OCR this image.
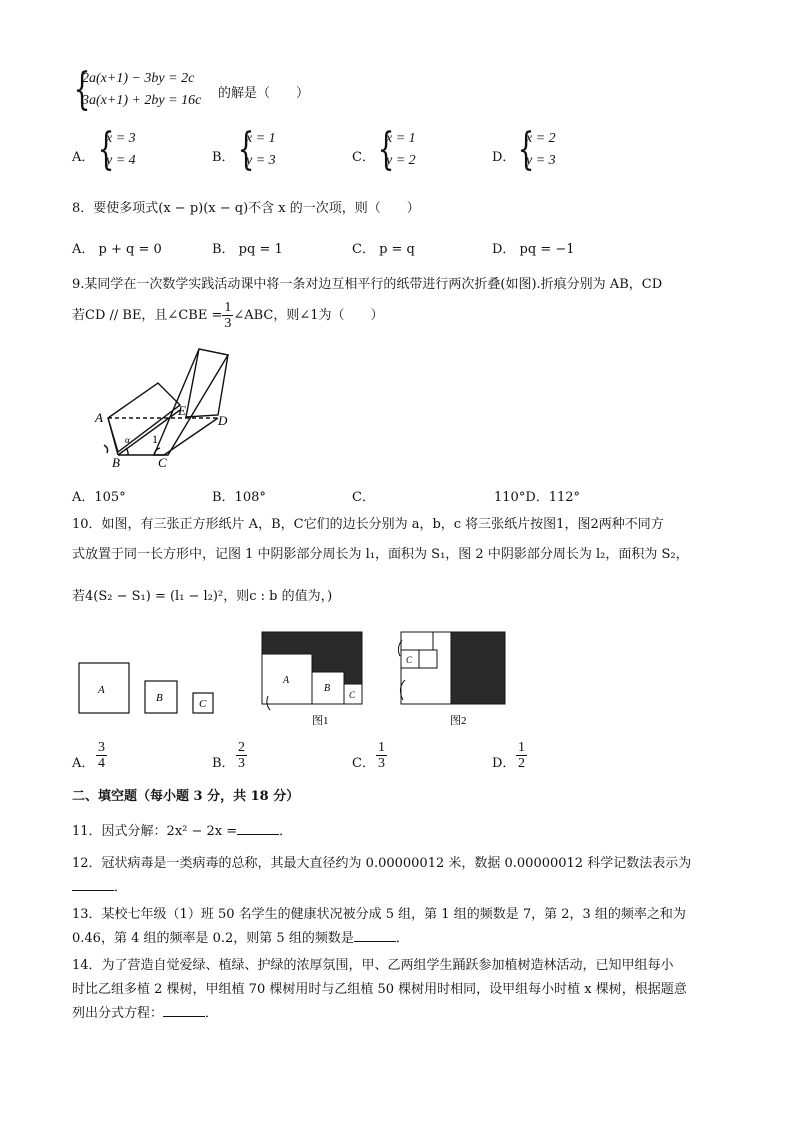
{
2a(x+1) − 3by = 2c
3a(x+1) + 2by = 16c 的解是（　　）
A． {
x = 3
y = 4	B． {
x = 1
y = 3	C． {
x = 1
y = 2	D． {
x = 2
y = 3
8．要使多项式(x − p)(x − q)不含 x 的一次项，则（　　）
A． p + q = 0	B． pq = 1	C． p = q	D． pq = −1
9.某同学在一次数学实践活动课中将一条对边互相平行的纸带进行两次折叠(如图).折痕分别为 AB，CD
若CD // BE，且∠CBE = $\frac{1}{3}$ ∠ABC，则∠1为（　　）
A
B	C
D
E
1
α
A．105°	B．108°	C．	110°D．112°
10．如图，有三张正方形纸片 A，B，C它们的边长分别为 a，b，c 将三张纸片按图1，图2两种不同方
式放置于同一长方形中，记图 1 中阴影部分周长为 l₁，面积为 S₁，图 2 中阴影部分周长为 l₂，面积为 S₂，
若4(S₂ − S₁) = (l₁ − l₂)²，则c : b 的值为，)
A
B	C
A
B
C
图1
C
图2
A． $\frac{3}{4}$	B． $\frac{2}{3}$	C． $\frac{1}{3}$	D． $\frac{1}{2}$
二、填空题（每小题 3 分，共 18 分）
11．因式分解：2x² − 2x =	．
12．冠状病毒是一类病毒的总称，其最大直径约为 0.00000012 米，数据 0.00000012 科学记数法表示为
．
13．某校七年级（1）班 50 名学生的健康状况被分成 5 组，第 1 组的频数是 7，第 2，3 组的频率之和为
0.46，第 4 组的频率是 0.2，则第 5 组的频数是	．
14．为了营造自觉爱绿、植绿、护绿的浓厚氛围，甲、乙两组学生踊跃参加植树造林活动，已知甲组每小
时比乙组多植 2 棵树，甲组植 70 棵树用时与乙组植 50 棵树用时相同，设甲组每小时植 x 棵树，根据题意
列出分式方程：	．
